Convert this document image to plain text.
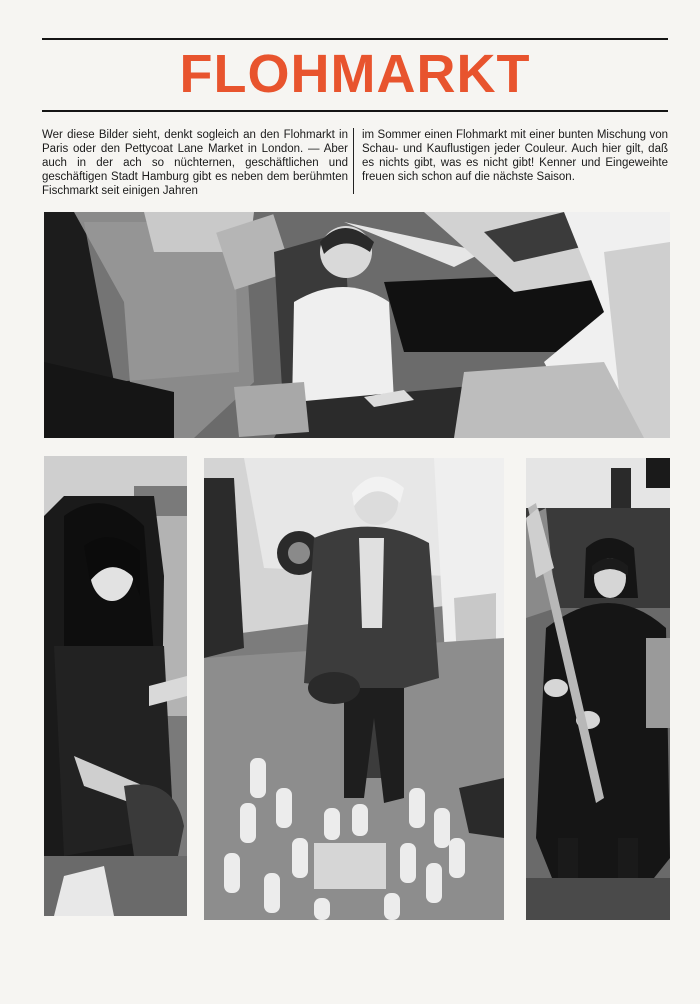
FLOHMARKT
Wer diese Bilder sieht, denkt sogleich an den Flohmarkt in Paris oder den Pettycoat Lane Market in London. — Aber auch in der ach so nüchternen, geschäftlichen und geschäftigen Stadt Hamburg gibt es neben dem berühmten Fischmarkt seit einigen Jahren
im Sommer einen Flohmarkt mit einer bunten Mischung von Schau- und Kauflustigen jeder Couleur. Auch hier gilt, daß es nichts gibt, was es nicht gibt! Kenner und Eingeweihte freuen sich schon auf die nächste Saison.
